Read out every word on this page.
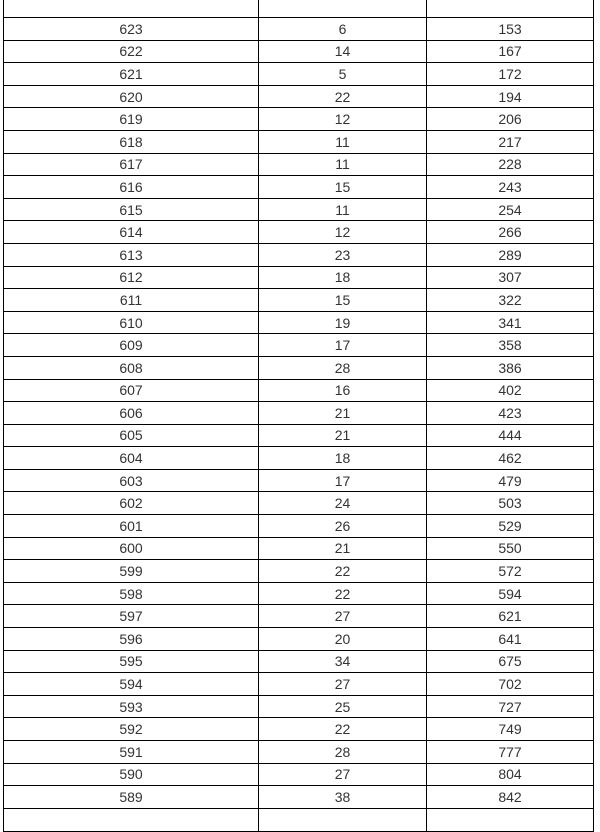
623	6	153
622	14	167
621	5	172
620	22	194
619	12	206
618	11	217
617	11	228
616	15	243
615	11	254
614	12	266
613	23	289
612	18	307
611	15	322
610	19	341
609	17	358
608	28	386
607	16	402
606	21	423
605	21	444
604	18	462
603	17	479
602	24	503
601	26	529
600	21	550
599	22	572
598	22	594
597	27	621
596	20	641
595	34	675
594	27	702
593	25	727
592	22	749
591	28	777
590	27	804
589	38	842
